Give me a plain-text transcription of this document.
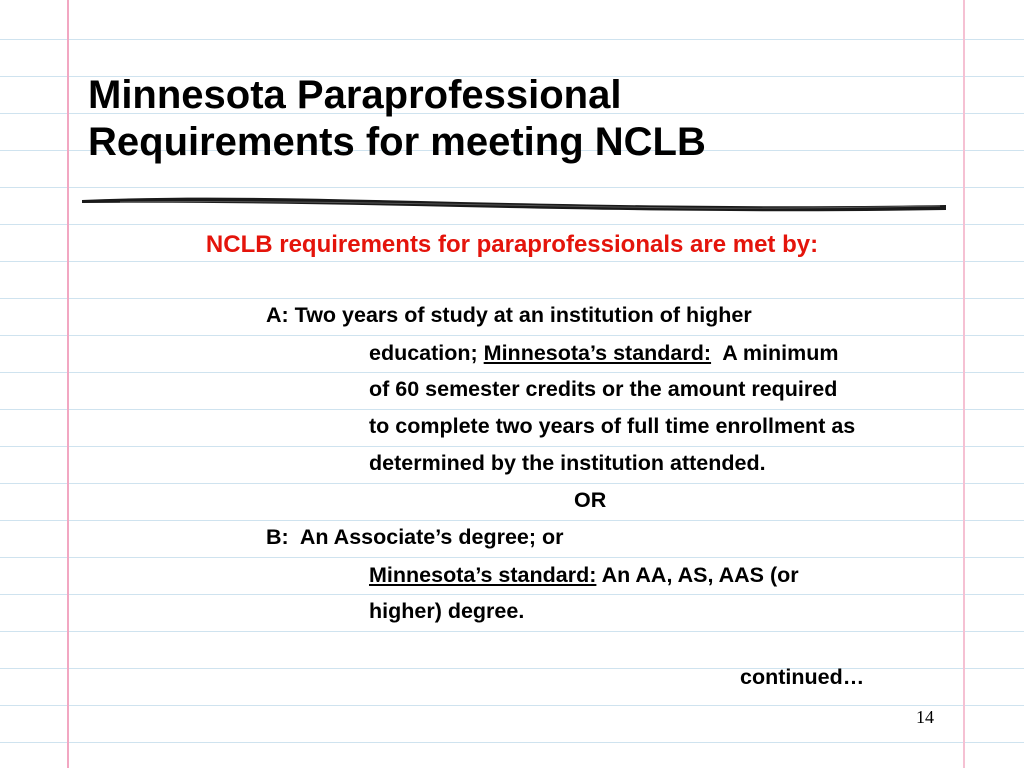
Minnesota Paraprofessional
Requirements for meeting NCLB
NCLB requirements for paraprofessionals are met by:
A: Two years of study at an institution of higher
education; Minnesota’s standard:  A minimum
of 60 semester credits or the amount required
to complete two years of full time enrollment as
determined by the institution attended.
OR
B:  An Associate’s degree; or
Minnesota’s standard: An AA, AS, AAS (or
higher) degree.
continued…
14
